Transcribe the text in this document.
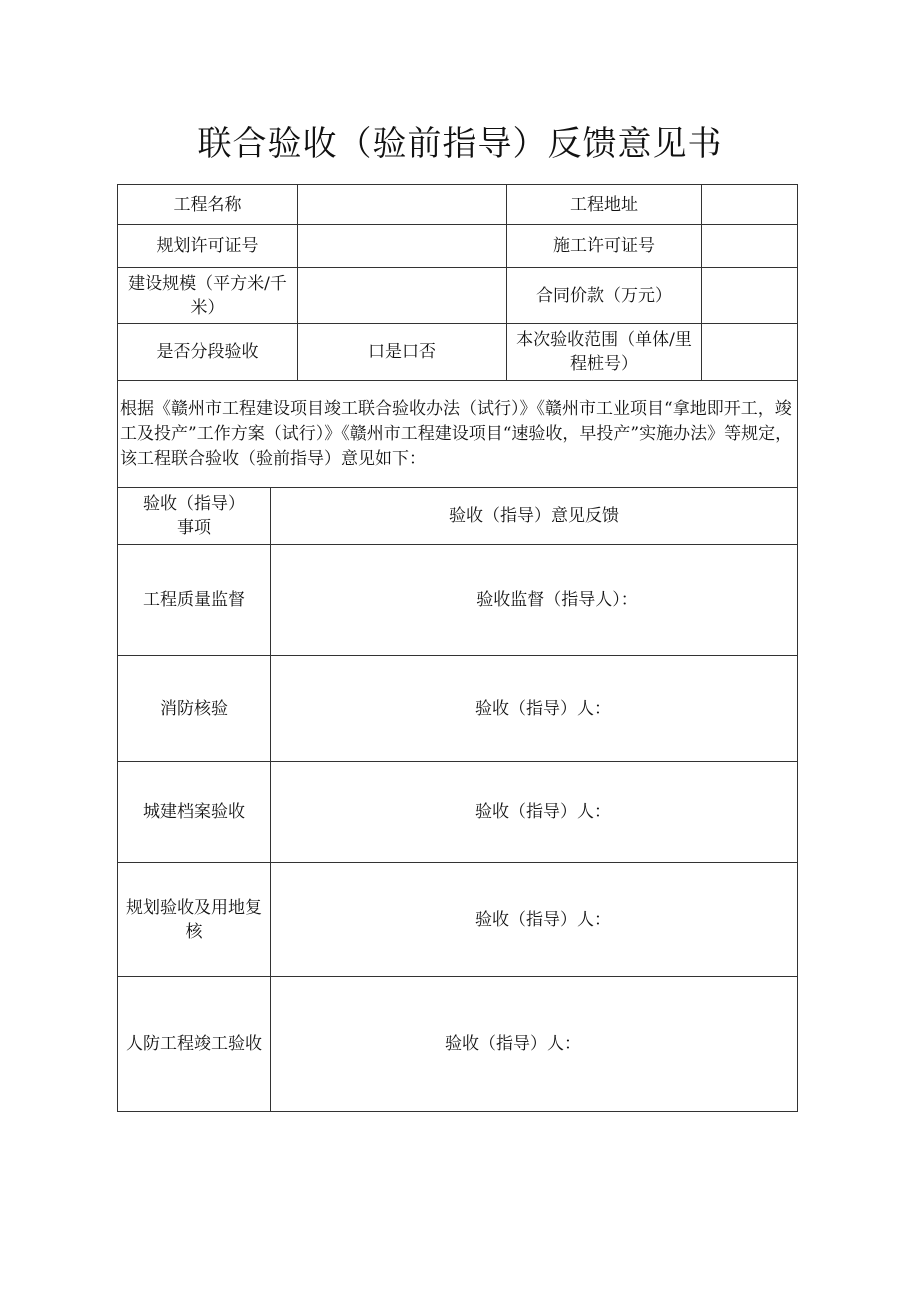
联合验收（验前指导）反馈意见书
工程名称		工程地址	
规划许可证号		施工许可证号	
建设规模（平方米/千米）		合同价款（万元）	
是否分段验收	口是口否	本次验收范围（单体/里程桩号）	
根据《赣州市工程建设项目竣工联合验收办法（试行）》《赣州市工业项目“拿地即开工，竣工及投产”工作方案（试行）》《赣州市工程建设项目“速验收，早投产”实施办法》等规定，该工程联合验收（验前指导）意见如下：			
验收（指导）事项	验收（指导）意见反馈
工程质量监督	验收监督（指导人）：
消防核验	验收（指导）人：
城建档案验收	验收（指导）人：
规划验收及用地复核	验收（指导）人：
人防工程竣工验收	验收（指导）人：
